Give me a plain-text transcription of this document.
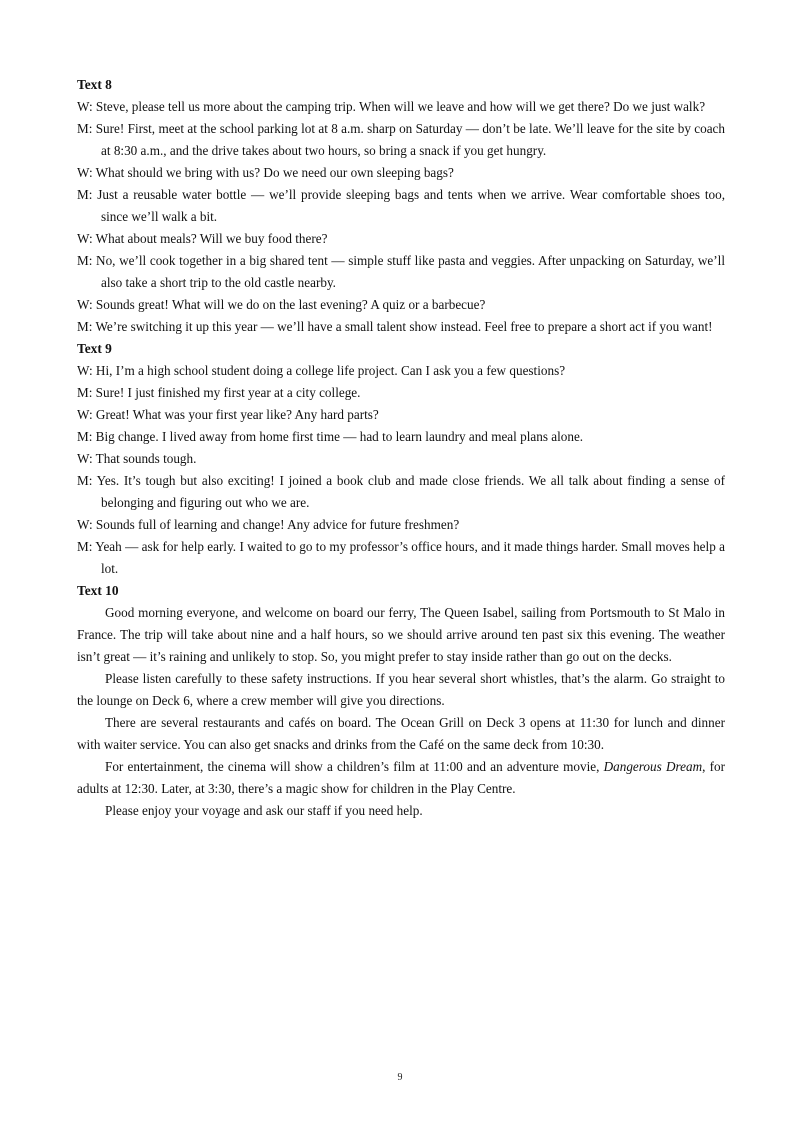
Text 8

W: Steve, please tell us more about the camping trip. When will we leave and how will we get there? Do we just walk?

M: Sure! First, meet at the school parking lot at 8 a.m. sharp on Saturday — don’t be late. We’ll leave for the site by coach at 8:30 a.m., and the drive takes about two hours, so bring a snack if you get hungry.

W: What should we bring with us? Do we need our own sleeping bags?

M: Just a reusable water bottle — we’ll provide sleeping bags and tents when we arrive. Wear comfortable shoes too, since we’ll walk a bit.

W: What about meals? Will we buy food there?

M: No, we’ll cook together in a big shared tent — simple stuff like pasta and veggies. After unpacking on Saturday, we’ll also take a short trip to the old castle nearby.

W: Sounds great! What will we do on the last evening? A quiz or a barbecue?

M: We’re switching it up this year — we’ll have a small talent show instead. Feel free to prepare a short act if you want!

Text 9

W: Hi, I’m a high school student doing a college life project. Can I ask you a few questions?

M: Sure! I just finished my first year at a city college.

W: Great! What was your first year like? Any hard parts?

M: Big change. I lived away from home first time — had to learn laundry and meal plans alone.

W: That sounds tough.

M: Yes. It’s tough but also exciting! I joined a book club and made close friends. We all talk about finding a sense of belonging and figuring out who we are.

W: Sounds full of learning and change! Any advice for future freshmen?

M: Yeah — ask for help early. I waited to go to my professor’s office hours, and it made things harder. Small moves help a lot.

Text 10

Good morning everyone, and welcome on board our ferry, The Queen Isabel, sailing from Portsmouth to St Malo in France. The trip will take about nine and a half hours, so we should arrive around ten past six this evening. The weather isn’t great — it’s raining and unlikely to stop. So, you might prefer to stay inside rather than go out on the decks.

Please listen carefully to these safety instructions. If you hear several short whistles, that’s the alarm. Go straight to the lounge on Deck 6, where a crew member will give you directions.

There are several restaurants and cafés on board. The Ocean Grill on Deck 3 opens at 11:30 for lunch and dinner with waiter service. You can also get snacks and drinks from the Café on the same deck from 10:30.

For entertainment, the cinema will show a children’s film at 11:00 and an adventure movie, Dangerous Dream, for adults at 12:30. Later, at 3:30, there’s a magic show for children in the Play Centre.

Please enjoy your voyage and ask our staff if you need help.

9
